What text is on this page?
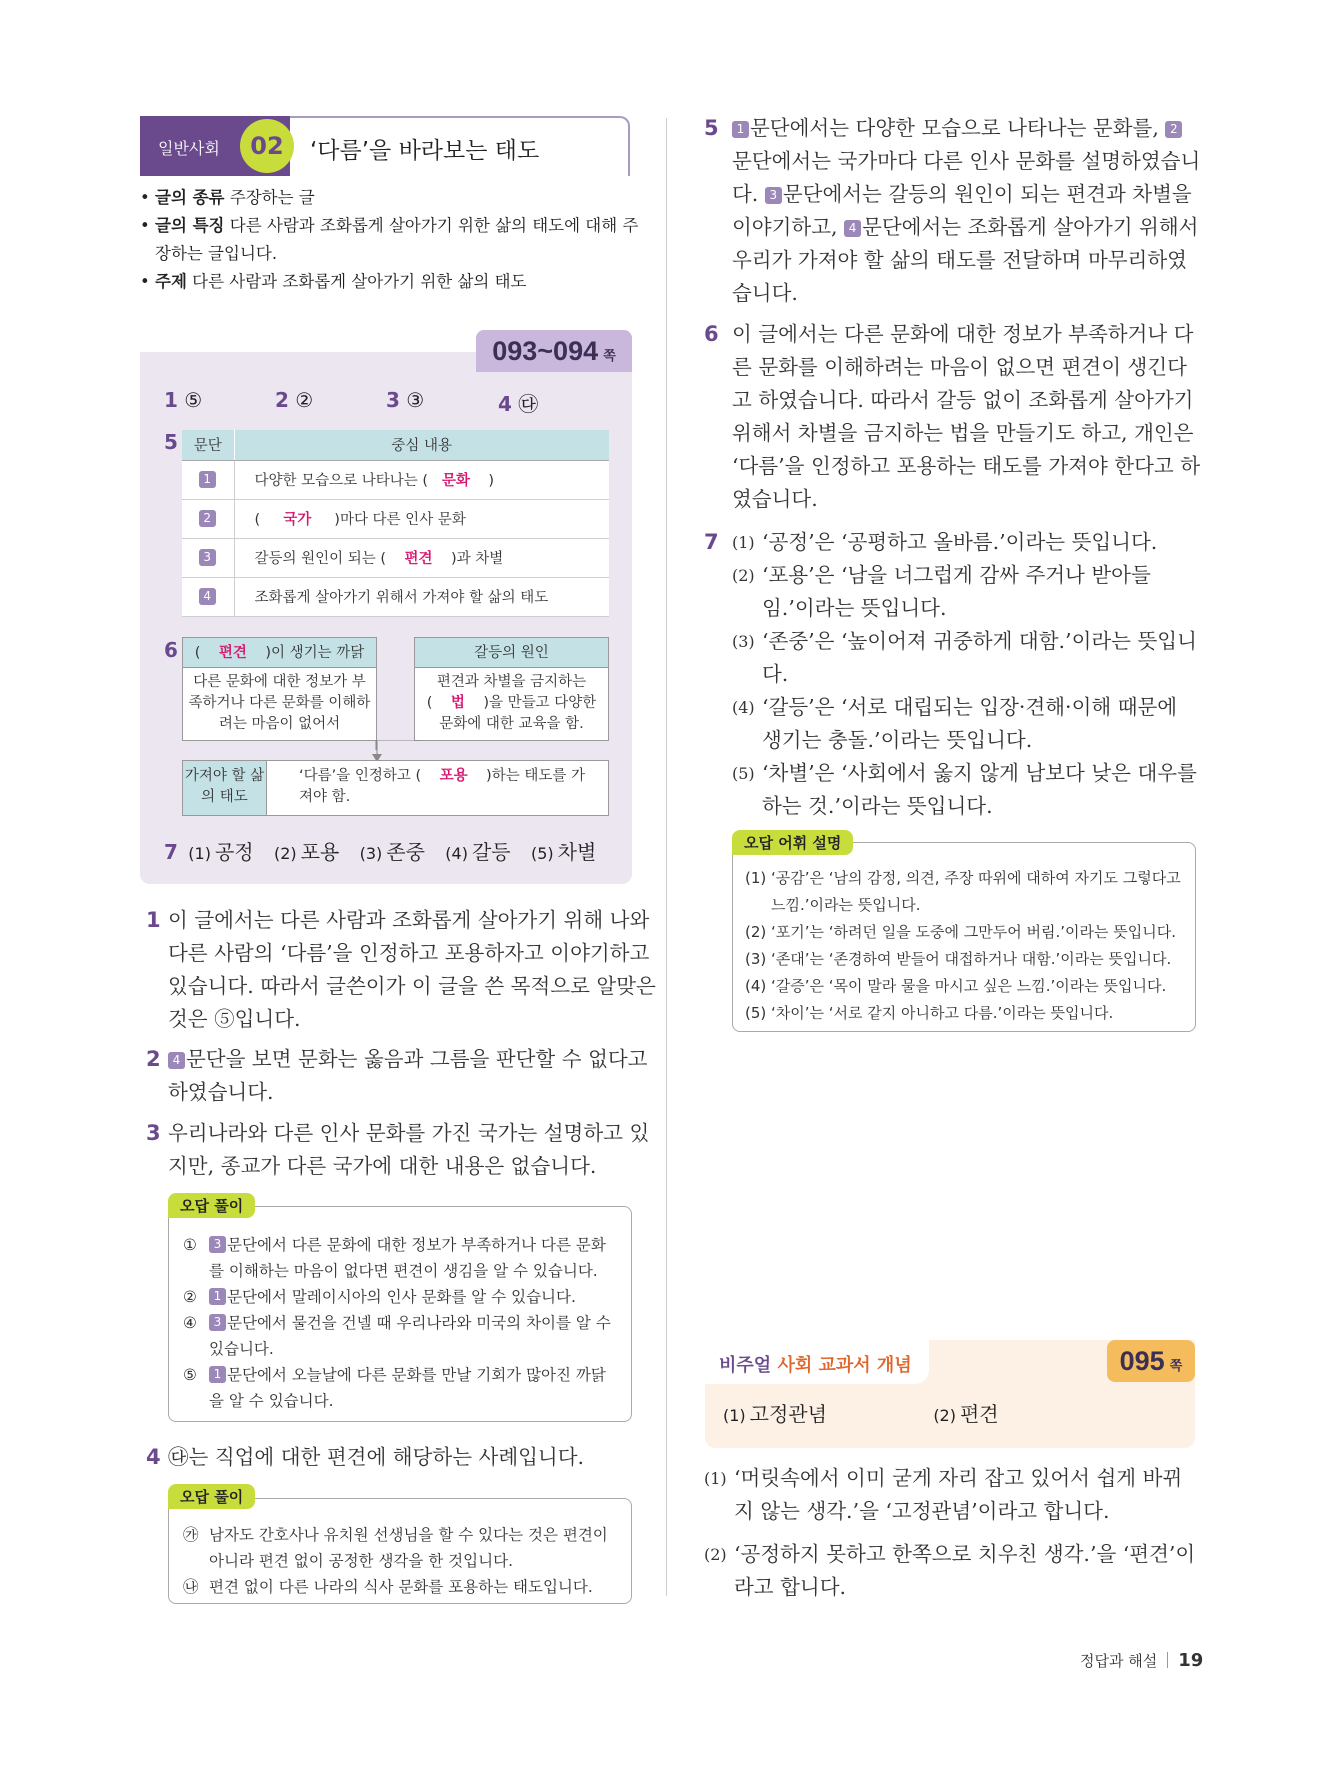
일반사회	02	‘다름’을 바라보는 태도
• 글의 종류 주장하는 글
• 글의 특징 다른 사람과 조화롭게 살아가기 위한 삶의 태도에 대해 주장하는 글입니다.
• 주제 다른 사람과 조화롭게 살아가기 위한 삶의 태도
093~094 쪽
1 ⑤	2 ②	3 ③	4 ㉰
5 문단	중심 내용
1	다양한 모습으로 나타나는 ( 문화 )
2	( 국가 )마다 다른 인사 문화
3	갈등의 원인이 되는 ( 편견 )과 차별
4	조화롭게 살아가기 위해서 가져야 할 삶의 태도
6	( 편견 )이 생기는 까닭
다른 문화에 대한 정보가 부족하거나 다른 문화를 이해하려는 마음이 없어서
갈등의 원인
편견과 차별을 금지하는 ( 법 )을 만들고 다양한 문화에 대한 교육을 함.
가져야 할 삶의 태도
‘다름’을 인정하고 ( 포용 )하는 태도를 가져야 함.
7 (1) 공정 (2) 포용 (3) 존중 (4) 갈등 (5) 차별
1 이 글에서는 다른 사람과 조화롭게 살아가기 위해 나와 다른 사람의 ‘다름’을 인정하고 포용하자고 이야기하고 있습니다. 따라서 글쓴이가 이 글을 쓴 목적으로 알맞은 것은 ⑤입니다.
2 4 문단을 보면 문화는 옳음과 그름을 판단할 수 없다고 하였습니다.
3 우리나라와 다른 인사 문화를 가진 국가는 설명하고 있지만, 종교가 다른 국가에 대한 내용은 없습니다.
① 3 문단에서 다른 문화에 대한 정보가 부족하거나 다른 문화를 이해하는 마음이 없다면 편견이 생김을 알 수 있습니다.
② 1 문단에서 말레이시아의 인사 문화를 알 수 있습니다.
④ 3 문단에서 물건을 건넬 때 우리나라와 미국의 차이를 알 수 있습니다.
⑤ 1 문단에서 오늘날에 다른 문화를 만날 기회가 많아진 까닭을 알 수 있습니다.
오답 풀이
4 ㉰는 직업에 대한 편견에 해당하는 사례입니다.
㉮ 남자도 간호사나 유치원 선생님을 할 수 있다는 것은 편견이 아니라 편견 없이 공정한 생각을 한 것입니다.
㉯ 편견 없이 다른 나라의 식사 문화를 포용하는 태도입니다.
오답 풀이
5 1 문단에서는 다양한 모습으로 나타나는 문화를, 2문단에서는 국가마다 다른 인사 문화를 설명하였습니다. 3 문단에서는 갈등의 원인이 되는 편견과 차별을 이야기하고, 4 문단에서는 조화롭게 살아가기 위해서 우리가 가져야 할 삶의 태도를 전달하며 마무리하였습니다.
6 이 글에서는 다른 문화에 대한 정보가 부족하거나 다른 문화를 이해하려는 마음이 없으면 편견이 생긴다고 하였습니다. 따라서 갈등 없이 조화롭게 살아가기 위해서 차별을 금지하는 법을 만들기도 하고, 개인은 ‘다름’을 인정하고 포용하는 태도를 가져야 한다고 하였습니다.
7 (1) ‘공정’은 ‘공평하고 올바름.’이라는 뜻입니다.
(2) ‘포용’은 ‘남을 너그럽게 감싸 주거나 받아들임.’이라는 뜻입니다.
(3) ‘존중’은 ‘높이어져 귀중하게 대함.’이라는 뜻입니다.
(4) ‘갈등’은 ‘서로 대립되는 입장·견해·이해 때문에 생기는 충돌.’이라는 뜻입니다.
(5) ‘차별’은 ‘사회에서 옳지 않게 남보다 낮은 대우를 하는 것.’이라는 뜻입니다.
(1) ‘공감’은 ‘남의 감정, 의견, 주장 따위에 대하여 자기도 그렇다고 느낌.’이라는 뜻입니다.
(2) ‘포기’는 ‘하려던 일을 도중에 그만두어 버림.’이라는 뜻입니다.
(3) ‘존대’는 ‘존경하여 받들어 대접하거나 대함.’이라는 뜻입니다.
(4) ‘갈증’은 ‘목이 말라 물을 마시고 싶은 느낌.’이라는 뜻입니다.
(5) ‘차이’는 ‘서로 같지 아니하고 다름.’이라는 뜻입니다.
오답 어휘 설명
비주얼 사회 교과서 개념	095 쪽
(1) 고정관념	(2) 편견
(1) ‘머릿속에서 이미 굳게 자리 잡고 있어서 쉽게 바뀌지 않는 생각.’을 ‘고정관념’이라고 합니다.
(2) ‘공정하지 못하고 한쪽으로 치우친 생각.’을 ‘편견’이라고 합니다.
정답과 해설 19
